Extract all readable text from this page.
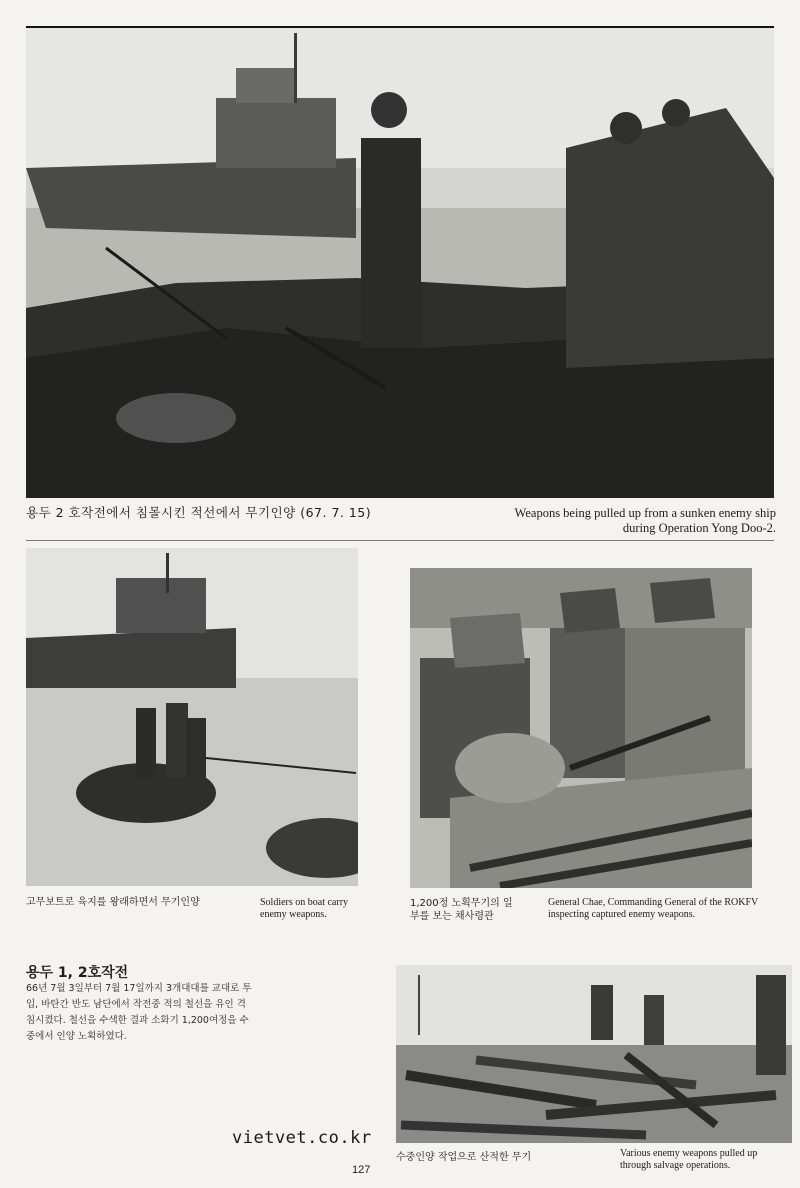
용두 2 호작전에서 침몰시킨 적선에서 무기인양 (67. 7. 15)	Weapons being pulled up from a sunken enemy ship during Operation Yong Doo-2.
고무보트로 육지를 왕래하면서 무기인양	Soldiers on boat carry enemy weapons.
1,200정 노획무기의 일부를 보는 채사령관
General Chae, Commanding General of the ROKFV inspecting captured enemy weapons.
용두 1, 2호작전
66년 7월 3일부터 7월 17일까지 3개대대를 교대로 투입, 바탄간 반도 남단에서 작전중 적의 철선을 유인 격침시켰다. 철선을 수색한 결과 소화기 1,200여정을 수중에서 인양 노획하였다.
수중인양 작업으로 산적한 무기	Various enemy weapons pulled up through salvage operations.
vietvet.co.kr
127
